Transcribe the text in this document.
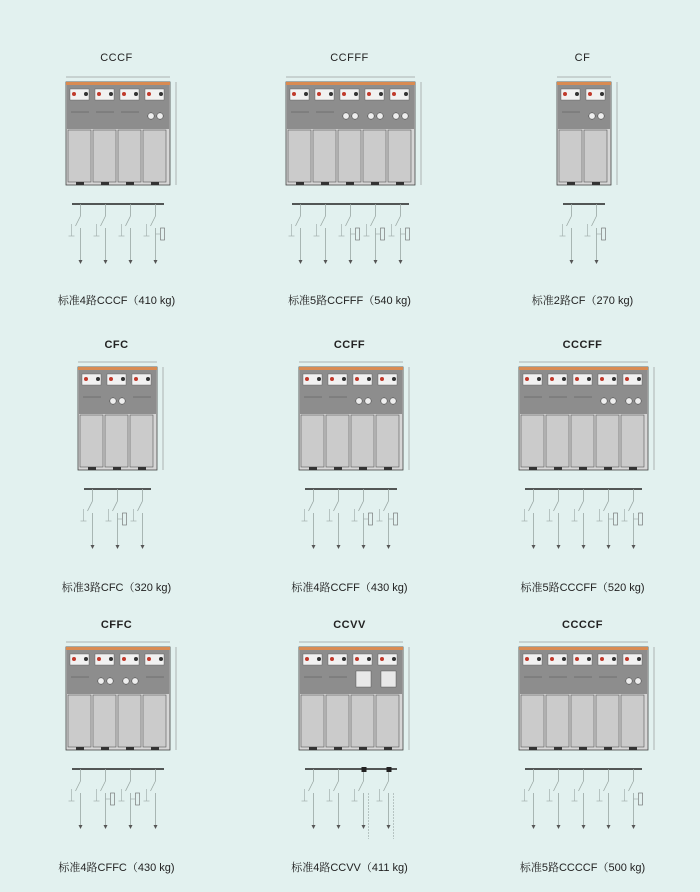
CCCF
标准4路CCCF（410 kg)
CCFFF
标准5路CCFFF（540 kg)
CF
标准2路CF（270 kg)
CFC
标准3路CFC（320 kg)
CCFF
标准4路CCFF（430 kg)
CCCFF
标准5路CCCFF（520 kg)
CFFC
标准4路CFFC（430 kg)
CCVV
标准4路CCVV（411 kg)
CCCCF
标准5路CCCCF（500 kg)
